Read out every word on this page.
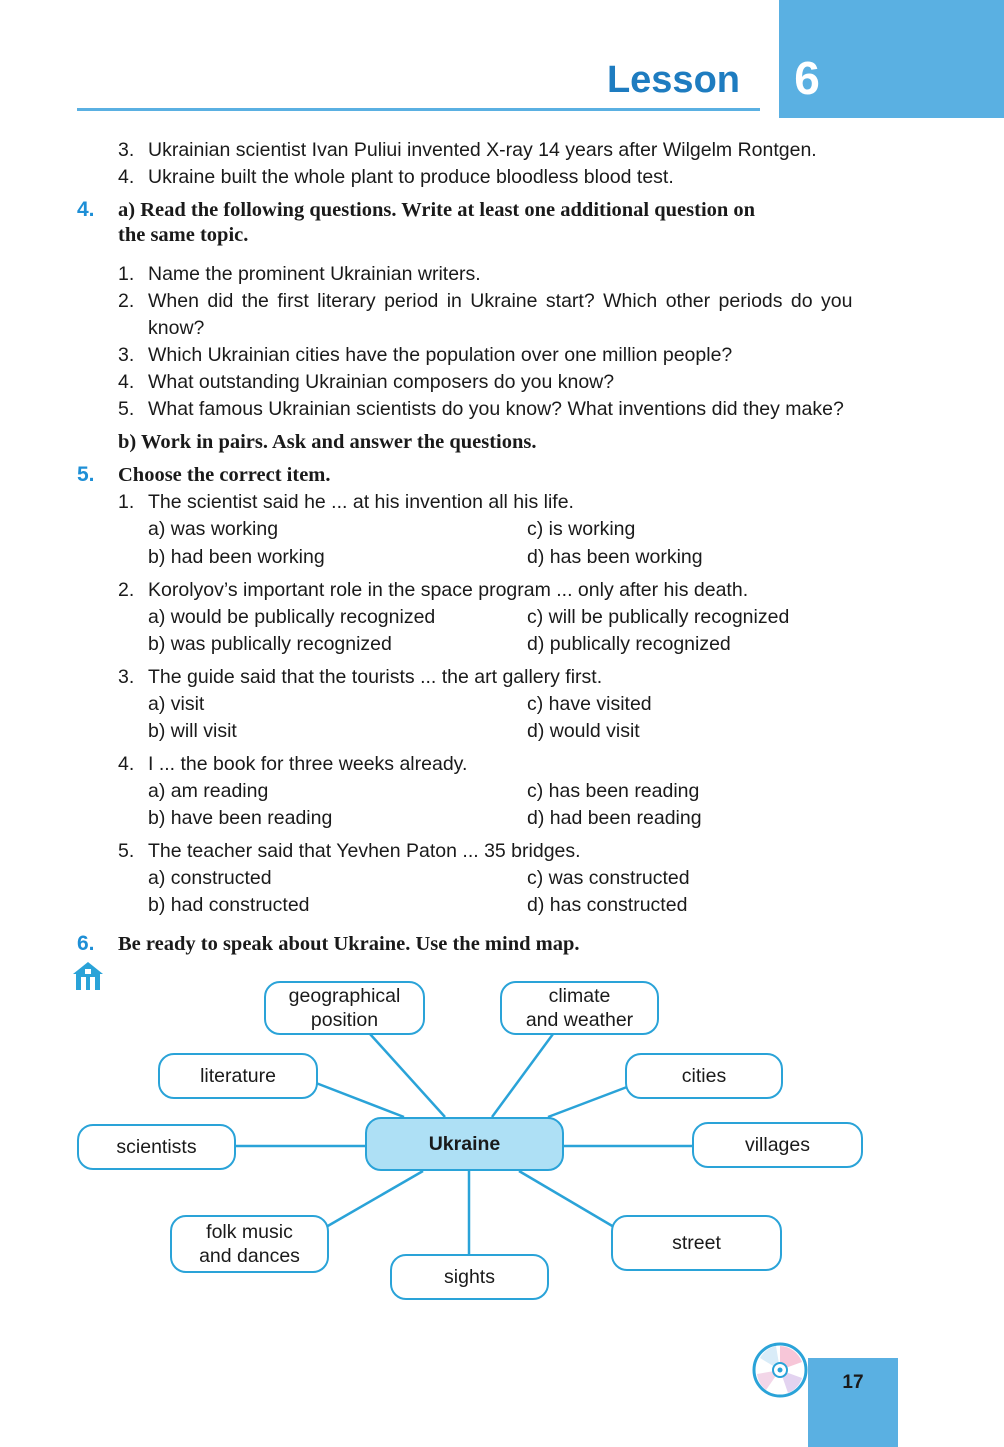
6
Lesson
3. Ukrainian scientist Ivan Puliui invented X-ray 14 years after Wilgelm Rontgen.
4. Ukraine built the whole plant to produce bloodless blood test.
4. a) Read the following questions. Write at least one additional question on
the same topic.
1. Name the prominent Ukrainian writers.
2. When did the first literary period in Ukraine start? Which other periods do you
know?
3. Which Ukrainian cities have the population over one million people?
4. What outstanding Ukrainian composers do you know?
5. What famous Ukrainian scientists do you know? What inventions did they make?
b) Work in pairs. Ask and answer the questions.
5. Choose the correct item.
1. The scientist said he ... at his invention all his life.
a) was working	c) is working
b) had been working	d) has been working
2. Korolyov’s important role in the space program ... only after his death.
a) would be publically recognized	c) will be publically recognized
b) was publically recognized	d) publically recognized
3. The guide said that the tourists ... the art gallery first.
a) visit	c) have visited
b) will visit	d) would visit
4. I ... the book for three weeks already.
a) am reading	c) has been reading
b) have been reading	d) had been reading
5. The teacher said that Yevhen Paton ... 35 bridges.
a) constructed	c) was constructed
b) had constructed	d) has constructed
6. Be ready to speak about Ukraine. Use the mind map.
Ukraine
geographical
position
climate
and weather
literature	cities
scientists	villages
folk music
and dances
street
sights
17
